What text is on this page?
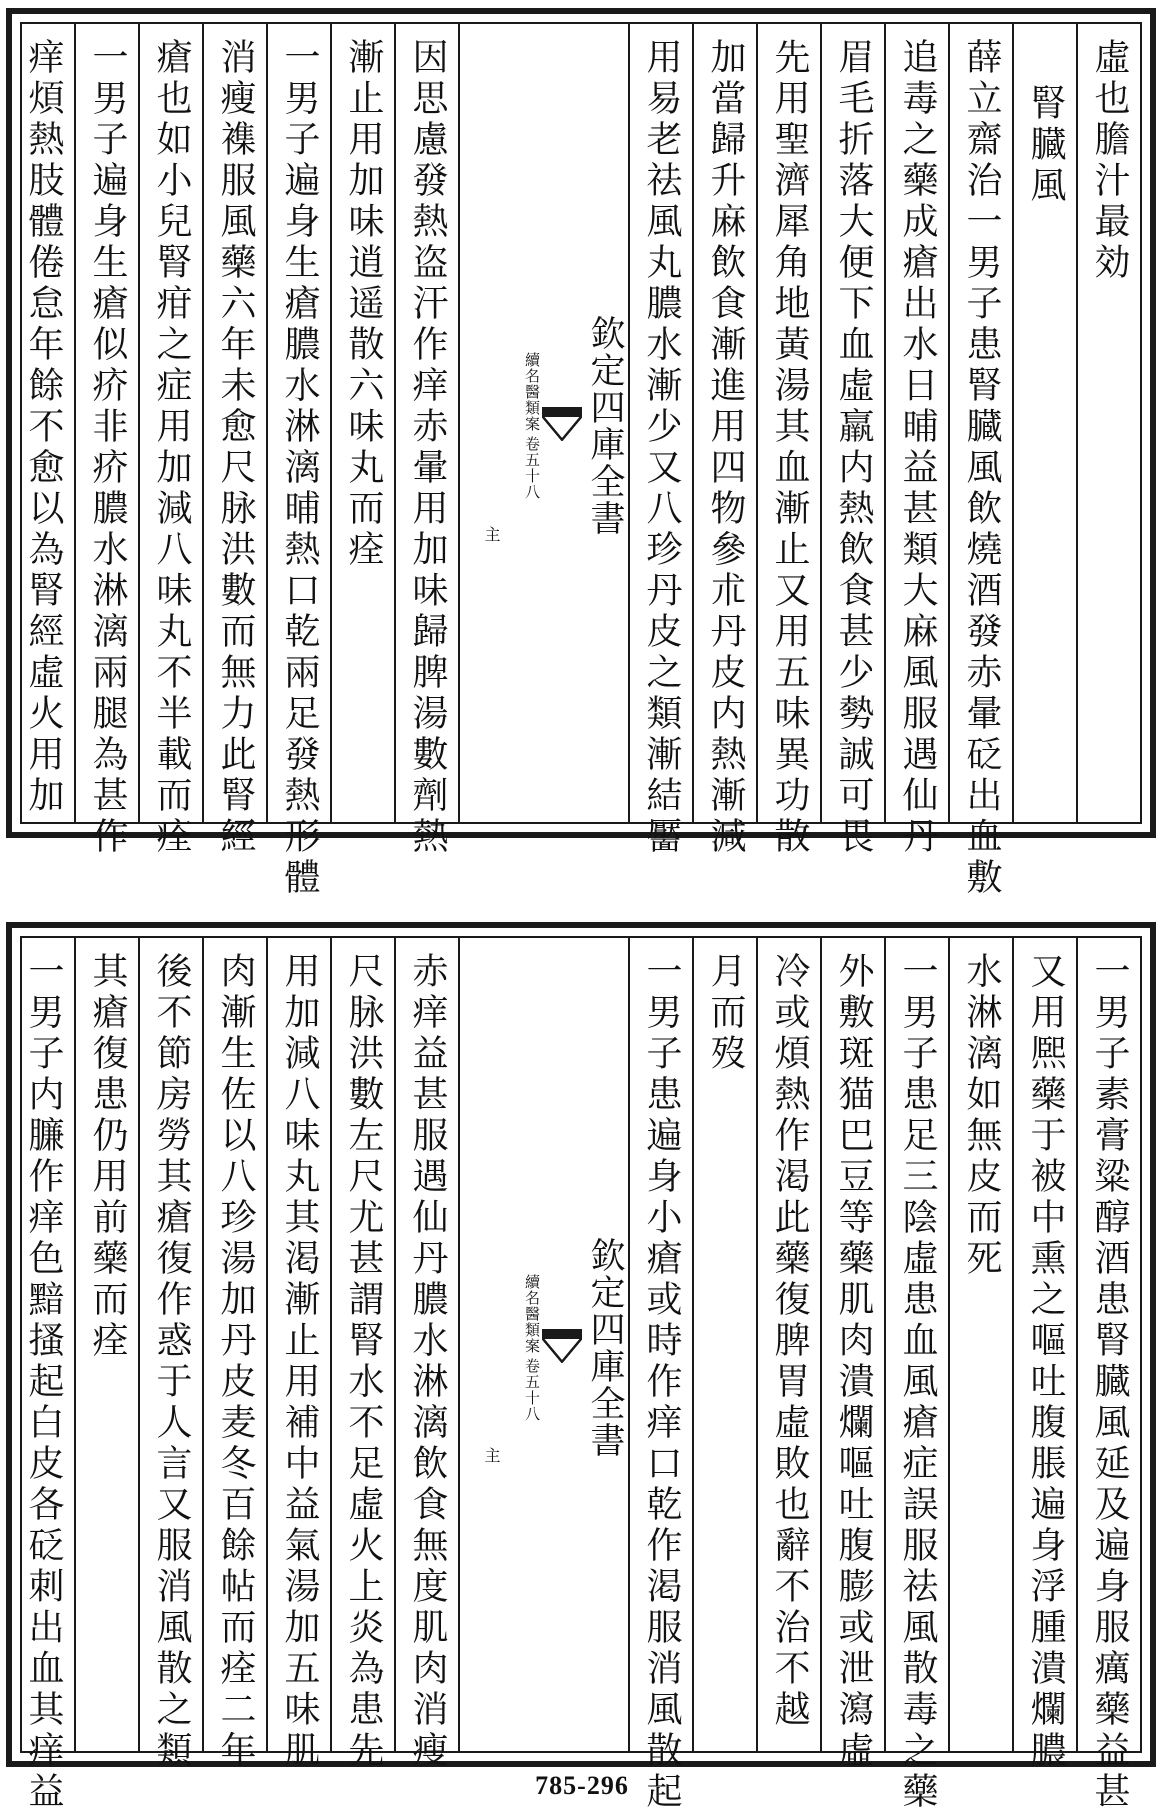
虛也膽汁最効
腎臓風
薛立齋治一男子患腎臓風飲燒酒發赤暈砭出血敷
追毒之藥成瘡出水日晡益甚類大麻風服遇仙丹
眉毛折落大便下血虛羸内熱飲食甚少勢誠可畏
先用聖濟犀角地黃湯其血漸止又用五味異功散
加當歸升麻飲食漸進用四物參朮丹皮内熱漸減
用易老祛風丸膿水漸少又八珍丹皮之類漸結靨
欽定四庫全書
續名醫類案
卷五十八
主
因思慮發熱盗汗作痒赤暈用加味歸脾湯數劑熱
漸止用加味逍遥散六味丸而痊
一男子遍身生瘡膿水淋漓晡熱口乾兩足發熱形體
消瘦襍服風藥六年未愈尺脉洪數而無力此腎經
瘡也如小兒腎疳之症用加減八味丸不半載而痊
一男子遍身生瘡似疥非疥膿水淋漓兩腿為甚作
痒煩熱肢體倦怠年餘不愈以為腎經虛火用加
一男子素膏粱醇酒患腎臓風延及遍身服癘藥益甚
又用熈藥于被中熏之嘔吐腹脹遍身浮腫潰爛膿
水淋漓如無皮而死
一男子患足三陰虛患血風瘡症誤服祛風散毒之藥
外敷斑猫巴豆等藥肌肉潰爛嘔吐腹膨或泄瀉虛
冷或煩熱作渇此藥復脾胃虛敗也辭不治不越
月而歿
一男子患遍身小瘡或時作痒口乾作渇服消風散起
欽定四庫全書
續名醫類案
卷五十八
主
赤痒益甚服遇仙丹膿水淋漓飲食無度肌肉消瘦
尺脉洪數左尺尤甚謂腎水不足虛火上炎為患先
用加減八味丸其渇漸止用補中益氣湯加五味肌
肉漸生佐以八珍湯加丹皮麦冬百餘帖而痊二年
後不節房勞其瘡復作惑于人言又服消風散之類
其瘡復患仍用前藥而痊
一男子内臁作痒色黯搔起白皮各砭刺出血其痒益	785-296
